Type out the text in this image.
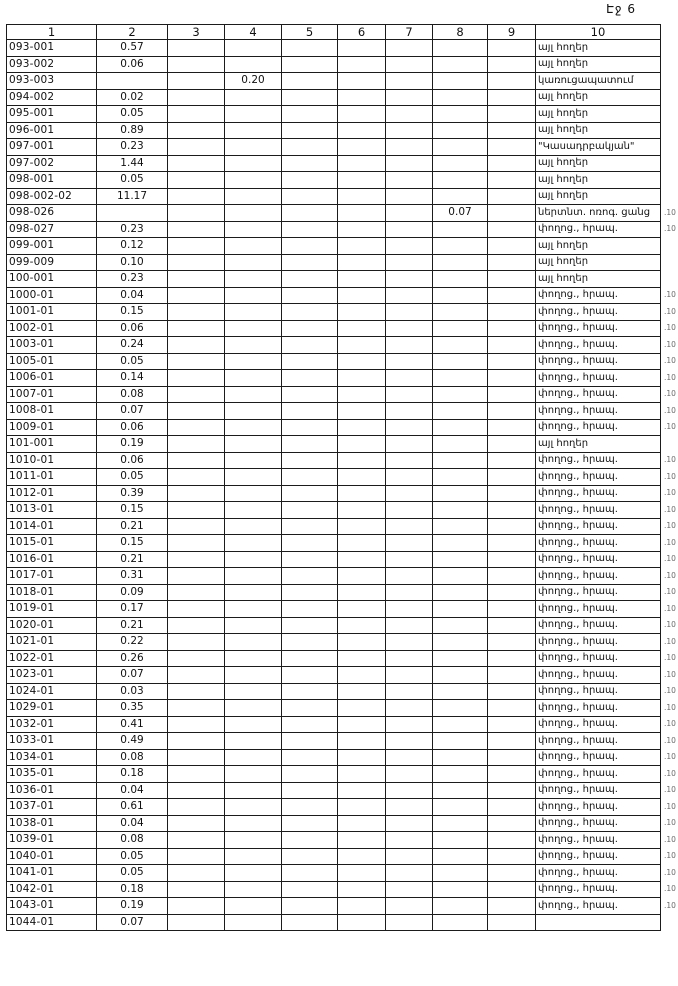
Էջ 6
1	2	3	4	5	6	7	8	9	10	
093-001	0.57								այլ հողեր	
093-002	0.06								այլ հողեր	
093-003			0.20						կառուցապատում	
094-002	0.02								այլ հողեր	
095-001	0.05								այլ հողեր	
096-001	0.89								այլ հողեր	
097-001	0.23								"Կասադրբակյան"	
097-002	1.44								այլ հողեր	
098-001	0.05								այլ հողեր	
098-002-02	11.17								այլ հողեր	
098-026							0.07		ներտնտ. ոռոգ. ցանց	.10
098-027	0.23								փողոց., հրապ.	.10
099-001	0.12								այլ հողեր	
099-009	0.10								այլ հողեր	
100-001	0.23								այլ հողեր	
1000-01	0.04								փողոց., հրապ.	.10
1001-01	0.15								փողոց., հրապ.	.10
1002-01	0.06								փողոց., հրապ.	.10
1003-01	0.24								փողոց., հրապ.	.10
1005-01	0.05								փողոց., հրապ.	.10
1006-01	0.14								փողոց., հրապ.	.10
1007-01	0.08								փողոց., հրապ.	.10
1008-01	0.07								փողոց., հրապ.	.10
1009-01	0.06								փողոց., հրապ.	.10
101-001	0.19								այլ հողեր	
1010-01	0.06								փողոց., հրապ.	.10
1011-01	0.05								փողոց., հրապ.	.10
1012-01	0.39								փողոց., հրապ.	.10
1013-01	0.15								փողոց., հրապ.	.10
1014-01	0.21								փողոց., հրապ.	.10
1015-01	0.15								փողոց., հրապ.	.10
1016-01	0.21								փողոց., հրապ.	.10
1017-01	0.31								փողոց., հրապ.	.10
1018-01	0.09								փողոց., հրապ.	.10
1019-01	0.17								փողոց., հրապ.	.10
1020-01	0.21								փողոց., հրապ.	.10
1021-01	0.22								փողոց., հրապ.	.10
1022-01	0.26								փողոց., հրապ.	.10
1023-01	0.07								փողոց., հրապ.	.10
1024-01	0.03								փողոց., հրապ.	.10
1029-01	0.35								փողոց., հրապ.	.10
1032-01	0.41								փողոց., հրապ.	.10
1033-01	0.49								փողոց., հրապ.	.10
1034-01	0.08								փողոց., հրապ.	.10
1035-01	0.18								փողոց., հրապ.	.10
1036-01	0.04								փողոց., հրապ.	.10
1037-01	0.61								փողոց., հրապ.	.10
1038-01	0.04								փողոց., հրապ.	.10
1039-01	0.08								փողոց., հրապ.	.10
1040-01	0.05								փողոց., հրապ.	.10
1041-01	0.05								փողոց., հրապ.	.10
1042-01	0.18								փողոց., հրապ.	.10
1043-01	0.19								փողոց., հրապ.	.10
1044-01	0.07									
